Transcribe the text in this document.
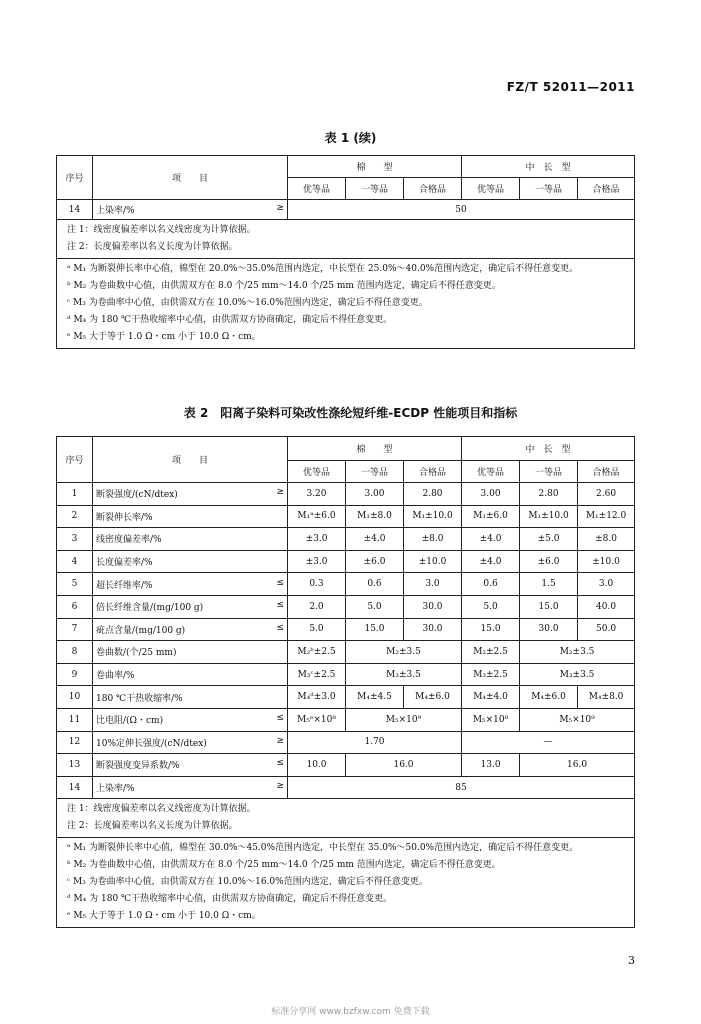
FZ/T 52011—2011
表 1 (续)
序号	项　　目	棉　　型			中　长　型		
		优等品	一等品	合格品	优等品	一等品	合格品
14	上染率/% ≥	50					

注 1：线密度偏差率以名义线密度为计算依据。
注 2：长度偏差率以名义长度为计算依据。							

ᵃ M₁ 为断裂伸长率中心值，棉型在 20.0%～35.0%范围内选定，中长型在 25.0%～40.0%范围内选定，确定后不得任意变更。
ᵇ M₂ 为卷曲数中心值，由供需双方在 8.0 个/25 mm～14.0 个/25 mm 范围内选定，确定后不得任意变更。
ᶜ M₃ 为卷曲率中心值，由供需双方在 10.0%～16.0%范围内选定，确定后不得任意变更。
ᵈ M₄ 为 180 ℃干热收缩率中心值，由供需双方协商确定，确定后不得任意变更。
ᵉ M₅ 大于等于 1.0 Ω・cm 小于 10.0 Ω・cm。							
表 2　阳离子染料可染改性涤纶短纤维-ECDP 性能项目和指标
序号	项　　目	棉　　型			中　长　型		
		优等品	一等品	合格品	优等品	一等品	合格品
1	断裂强度/(cN/dtex) ≥	3.20	3.00	2.80	3.00	2.80	2.60
2	断裂伸长率/%	M₁ᵃ±6.0	M₁±8.0	M₁±10.0	M₁±6.0	M₁±10.0	M₁±12.0
3	线密度偏差率/%	±3.0	±4.0	±8.0	±4.0	±5.0	±8.0
4	长度偏差率/%	±3.0	±6.0	±10.0	±4.0	±6.0	±10.0
5	超长纤维率/% ≤	0.3	0.6	3.0	0.6	1.5	3.0
6	倍长纤维含量/(mg/100 g) ≤	2.0	5.0	30.0	5.0	15.0	40.0
7	疵点含量/(mg/100 g) ≤	5.0	15.0	30.0	15.0	30.0	50.0
8	卷曲数/(个/25 mm)	M₂ᵇ±2.5	M₂±3.5		M₂±2.5	M₂±3.5	
9	卷曲率/%	M₃ᶜ±2.5	M₃±3.5		M₃±2.5	M₃±3.5	
10	180 ℃干热收缩率/%	M₄ᵈ±3.0	M₄±4.5	M₄±6.0	M₄±4.0	M₄±6.0	M₄±8.0
11	比电阻/(Ω・cm) ≤	M₅ᵉ×10⁸	M₅×10⁹		M₅×10⁸	M₅×10⁹	
12	10%定伸长强度/(cN/dtex) ≥	1.70			—		
13	断裂强度变异系数/% ≤	10.0	16.0		13.0	16.0	
14	上染率/% ≥	85					

注 1：线密度偏差率以名义线密度为计算依据。
注 2：长度偏差率以名义长度为计算依据。							

ᵃ M₁ 为断裂伸长率中心值，棉型在 30.0%～45.0%范围内选定，中长型在 35.0%～50.0%范围内选定，确定后不得任意变更。
ᵇ M₂ 为卷曲数中心值，由供需双方在 8.0 个/25 mm～14.0 个/25 mm 范围内选定，确定后不得任意变更。
ᶜ M₃ 为卷曲率中心值，由供需双方在 10.0%～16.0%范围内选定，确定后不得任意变更。
ᵈ M₄ 为 180 ℃干热收缩率中心值，由供需双方协商确定，确定后不得任意变更。
ᵉ M₅ 大于等于 1.0 Ω・cm 小于 10.0 Ω・cm。							
3
标准分享网 www.bzfxw.com 免费下载
